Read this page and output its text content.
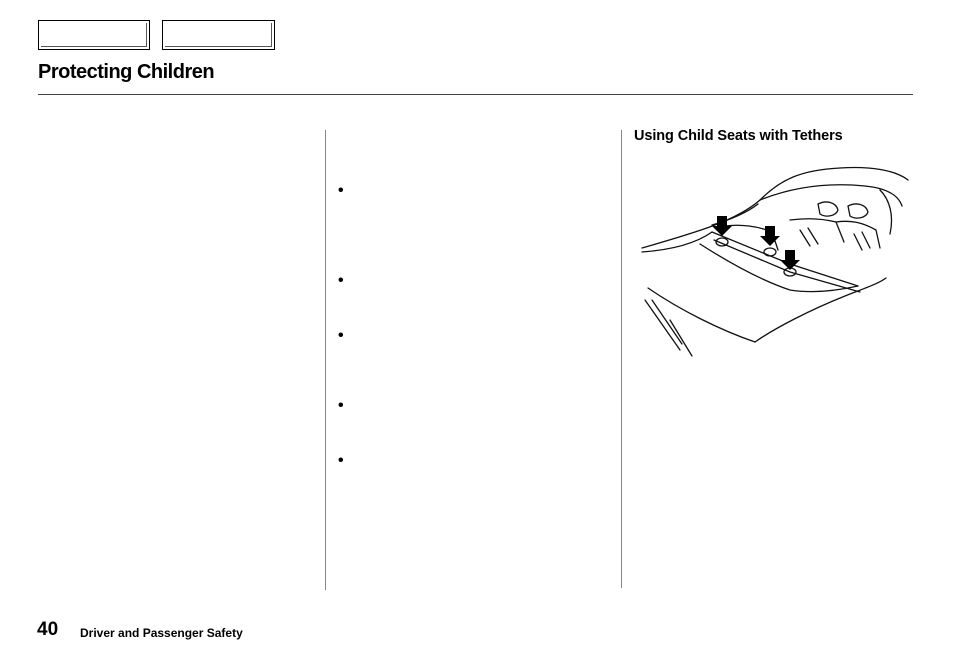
Protecting Children
•
•
•
•
•
Using Child Seats with Tethers
40 Driver and Passenger Safety
